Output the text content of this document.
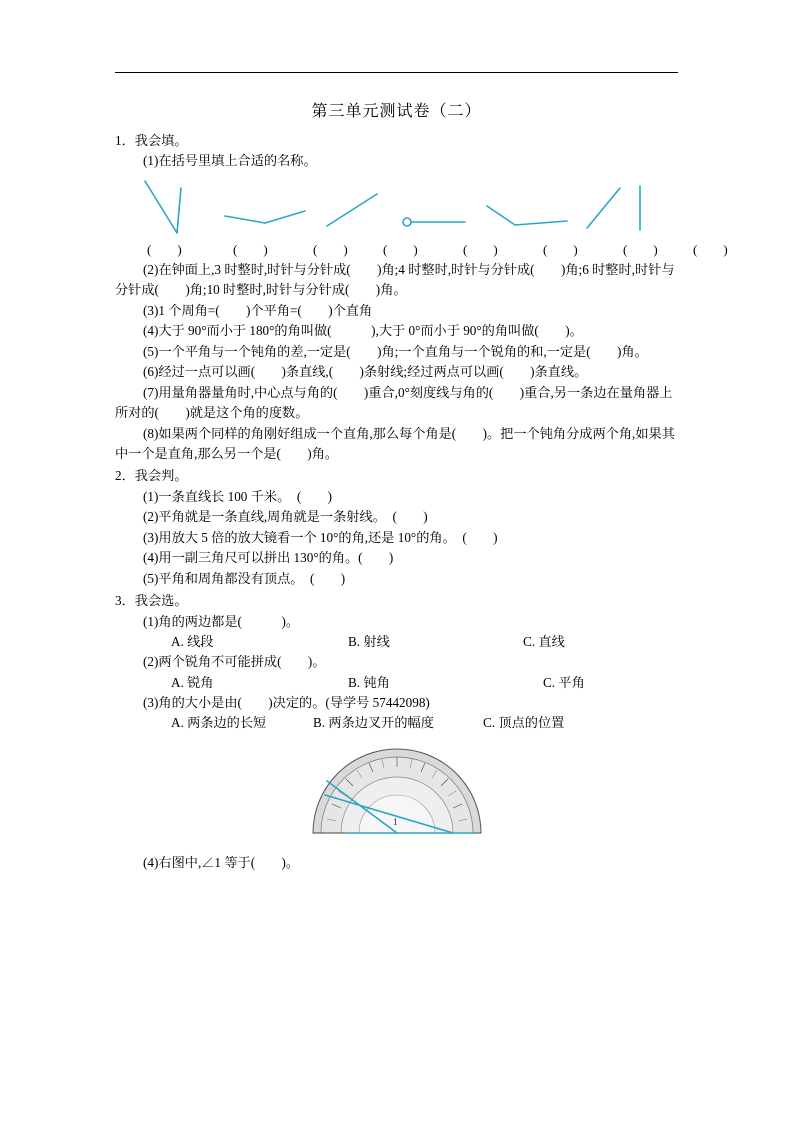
第三单元测试卷（二）
1．我会填。
(1)在括号里填上合适的名称。
(　　)	(　　)	(　　)	(　　)	(　　)	(　　)	(　　)	(　　)
(2)在钟面上,3 时整时,时针与分针成(　　)角;4 时整时,时针与分针成(　　)角;6 时整时,时针与分针成(　　)角;10 时整时,时针与分针成(　　)角。
(3)1 个周角=(　　)个平角=(　　)个直角
(4)大于 90°而小于 180°的角叫做(　　　),大于 0°而小于 90°的角叫做(　　)。
(5)一个平角与一个钝角的差,一定是(　　)角;一个直角与一个锐角的和,一定是(　　)角。
(6)经过一点可以画(　　)条直线,(　　)条射线;经过两点可以画(　　)条直线。
(7)用量角器量角时,中心点与角的(　　)重合,0°刻度线与角的(　　)重合,另一条边在量角器上所对的(　　)就是这个角的度数。
(8)如果两个同样的角刚好组成一个直角,那么每个角是(　　)。把一个钝角分成两个角,如果其中一个是直角,那么另一个是(　　)角。
2．我会判。
(1)一条直线长 100 千米。　(　　)
(2)平角就是一条直线,周角就是一条射线。　(　　)
(3)用放大 5 倍的放大镜看一个 10°的角,还是 10°的角。　(　　)
(4)用一副三角尺可以拼出 130°的角。(　　)
(5)平角和周角都没有顶点。　(　　)
3．我会选。
(1)角的两边都是(　　　)。
A. 线段	B. 射线	C. 直线
(2)两个锐角不可能拼成(　　)。
A. 锐角	B. 钝角	C. 平角
(3)角的大小是由(　　)决定的。(导学号 57442098)
A. 两条边的长短	B. 两条边叉开的幅度	C. 顶点的位置
1
(4)右图中,∠1 等于(　　)。
